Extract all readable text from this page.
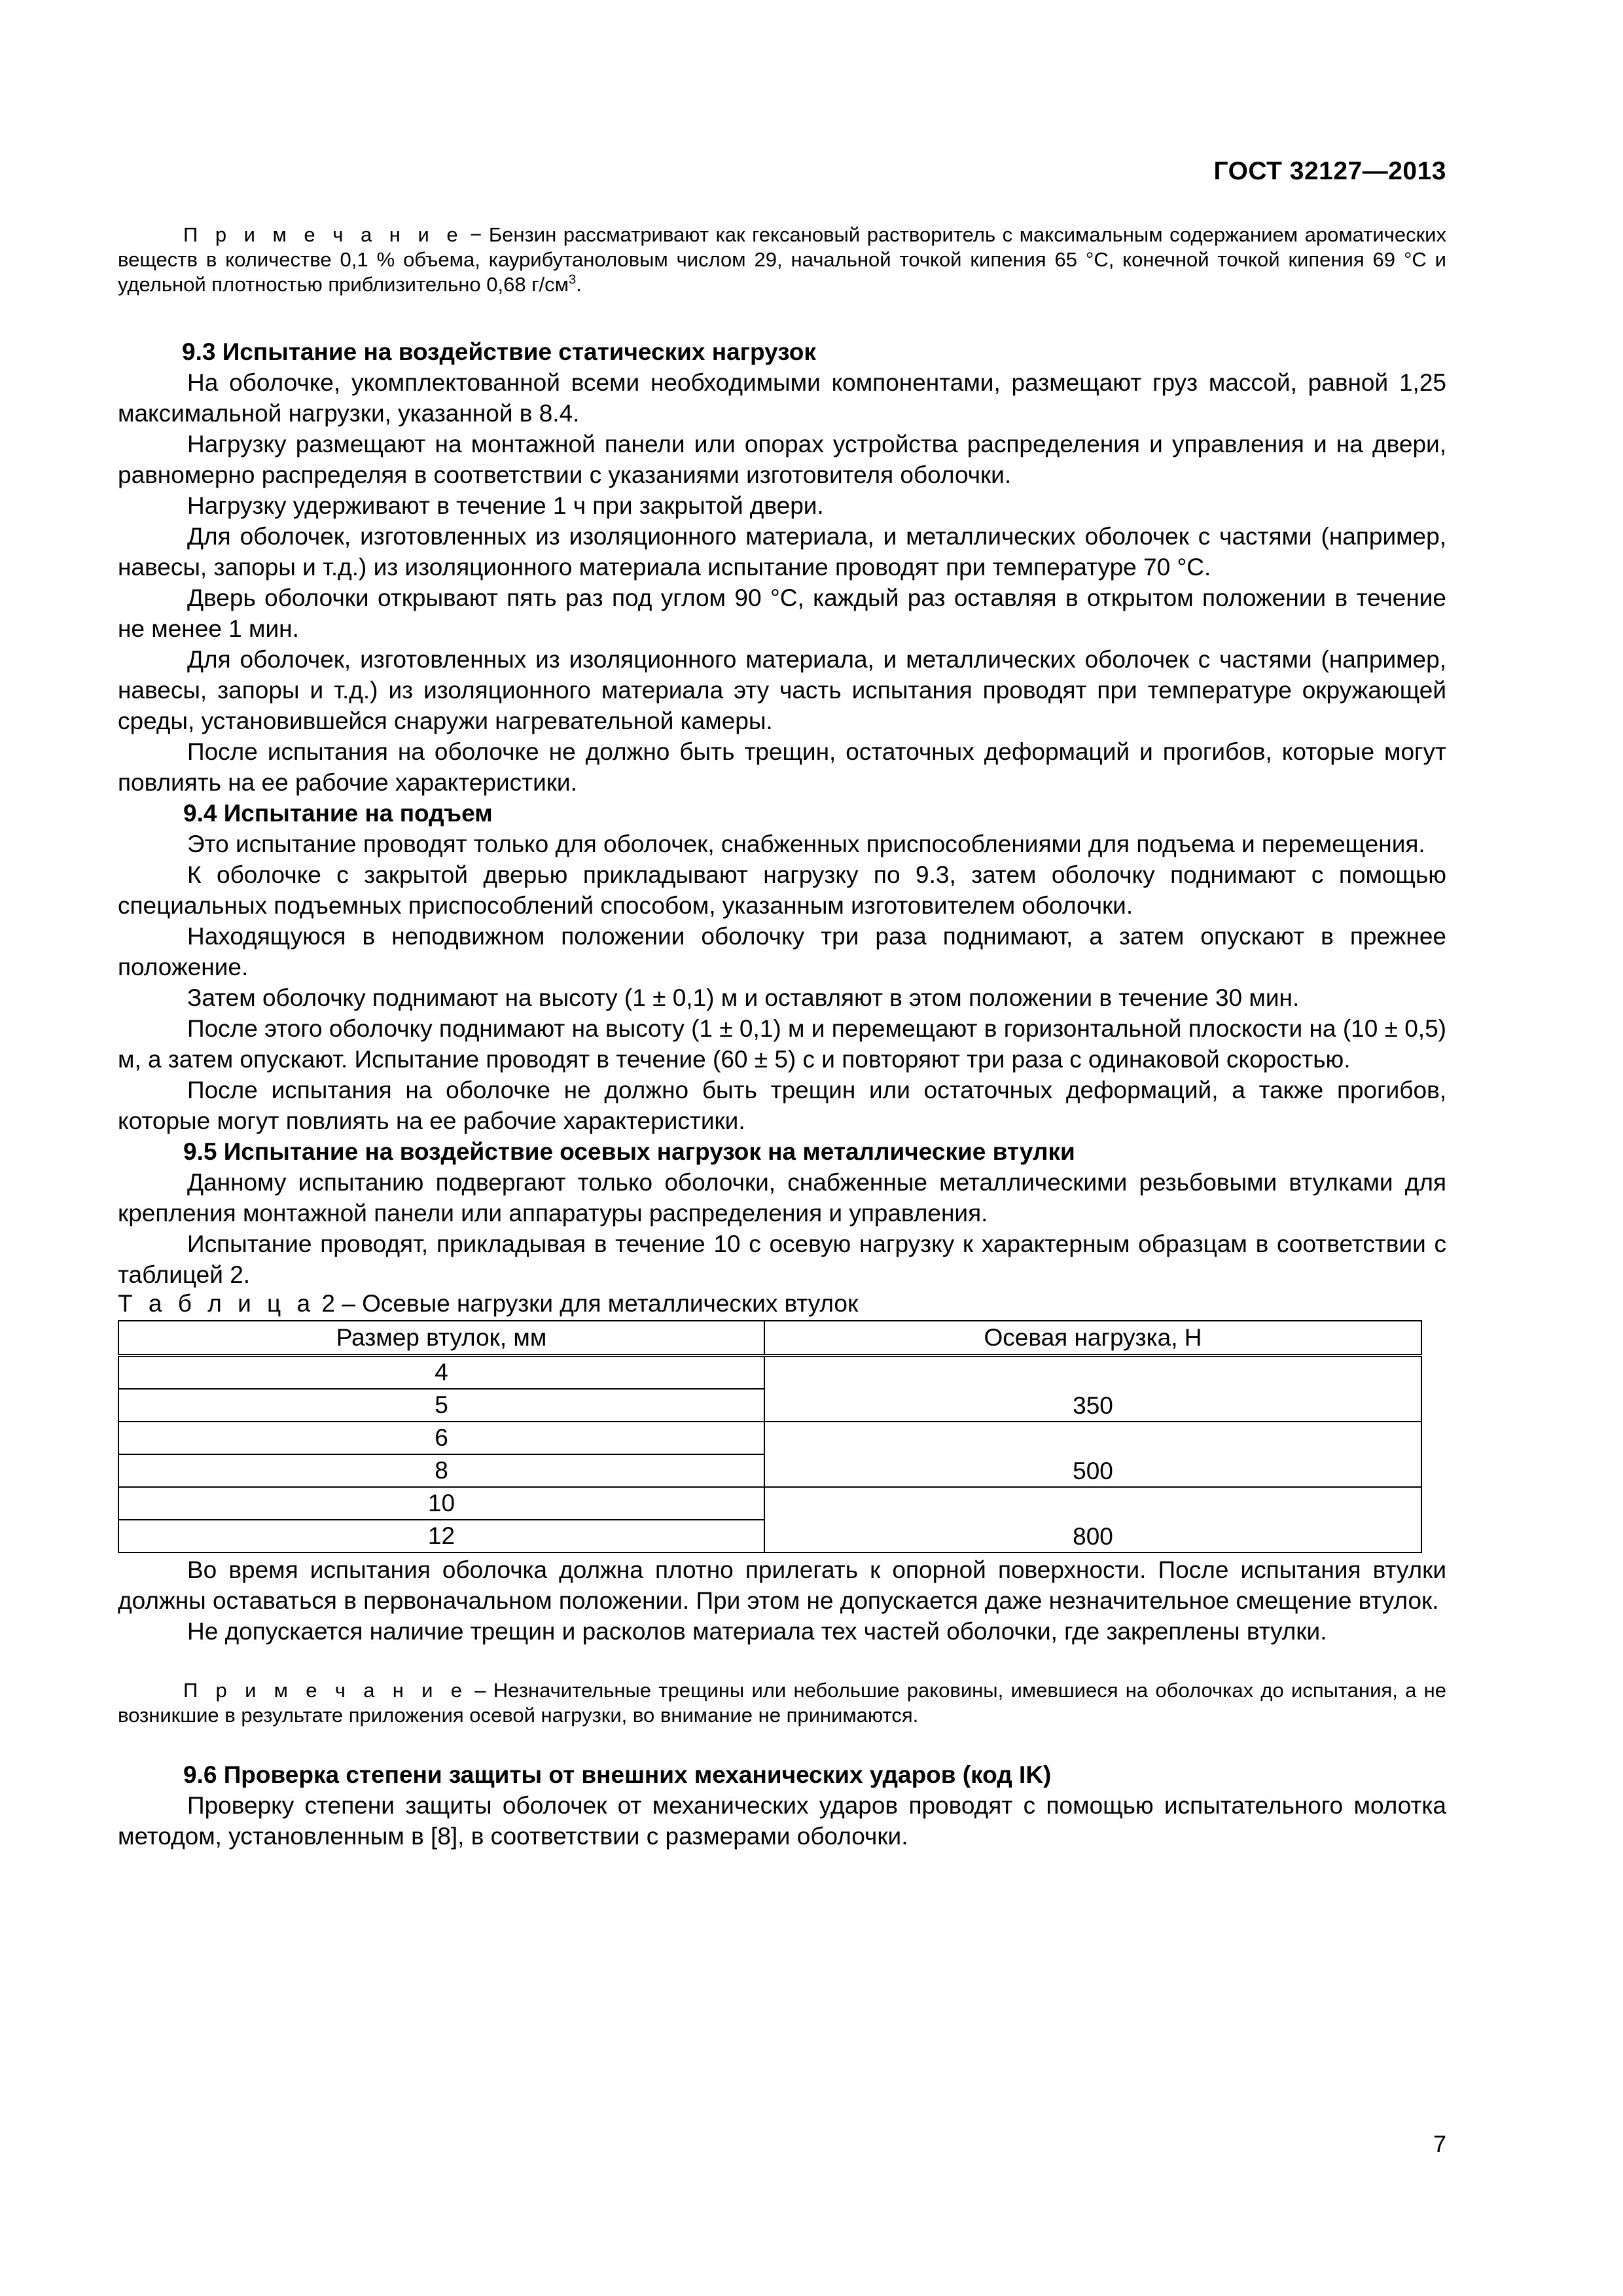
ГОСТ 32127—2013

П р и м е ч а н и е − Бензин рассматривают как гексановый растворитель с максимальным содержанием ароматических веществ в количестве 0,1 % объема, каурибутаноловым числом 29, начальной точкой кипения 65 °С, конечной точкой кипения 69 °С и удельной плотностью приблизительно 0,68 $г/см^3$.

9.3 Испытание на воздействие статических нагрузок

На оболочке, укомплектованной всеми необходимыми компонентами, размещают груз массой, равной 1,25 максимальной нагрузки, указанной в 8.4.

Нагрузку размещают на монтажной панели или опорах устройства распределения и управления и на двери, равномерно распределяя в соответствии с указаниями изготовителя оболочки.

Нагрузку удерживают в течение 1 ч при закрытой двери.

Для оболочек, изготовленных из изоляционного материала, и металлических оболочек с частями (например, навесы, запоры и т.д.) из изоляционного материала испытание проводят при температуре 70 °С.

Дверь оболочки открывают пять раз под углом 90 °С, каждый раз оставляя в открытом положении в течение не менее 1 мин.

Для оболочек, изготовленных из изоляционного материала, и металлических оболочек с частями (например, навесы, запоры и т.д.) из изоляционного материала эту часть испытания проводят при температуре окружающей среды, установившейся снаружи нагревательной камеры.

После испытания на оболочке не должно быть трещин, остаточных деформаций и прогибов, которые могут повлиять на ее рабочие характеристики.

9.4 Испытание на подъем

Это испытание проводят только для оболочек, снабженных приспособлениями для подъема и перемещения.

К оболочке с закрытой дверью прикладывают нагрузку по 9.3, затем оболочку поднимают с помощью специальных подъемных приспособлений способом, указанным изготовителем оболочки.

Находящуюся в неподвижном положении оболочку три раза поднимают, а затем опускают в прежнее положение.

Затем оболочку поднимают на высоту (1 ± 0,1) м и оставляют в этом положении в течение 30 мин.

После этого оболочку поднимают на высоту (1 ± 0,1) м и перемещают в горизонтальной плоскости на (10 ± 0,5) м, а затем опускают. Испытание проводят в течение (60 ± 5) с и повторяют три раза с одинаковой скоростью.

После испытания на оболочке не должно быть трещин или остаточных деформаций, а также прогибов, которые могут повлиять на ее рабочие характеристики.

9.5 Испытание на воздействие осевых нагрузок на металлические втулки

Данному испытанию подвергают только оболочки, снабженные металлическими резьбовыми втулками для крепления монтажной панели или аппаратуры распределения и управления.

Испытание проводят, прикладывая в течение 10 с осевую нагрузку к характерным образцам в соответствии с таблицей 2.

Т а б л и ц а 2 – Осевые нагрузки для металлических втулок

Размер втулок, мм	Осевая нагрузка, Н
4	350
5	
6	500
8	
10	800
12	

Во время испытания оболочка должна плотно прилегать к опорной поверхности. После испытания втулки должны оставаться в первоначальном положении. При этом не допускается даже незначительное смещение втулок.

Не допускается наличие трещин и расколов материала тех частей оболочки, где закреплены втулки.

П р и м е ч а н и е – Незначительные трещины или небольшие раковины, имевшиеся на оболочках до испытания, а не возникшие в результате приложения осевой нагрузки, во внимание не принимаются.

9.6 Проверка степени защиты от внешних механических ударов (код IK)

Проверку степени защиты оболочек от механических ударов проводят с помощью испытательного молотка методом, установленным в [8], в соответствии с размерами оболочки.

7
